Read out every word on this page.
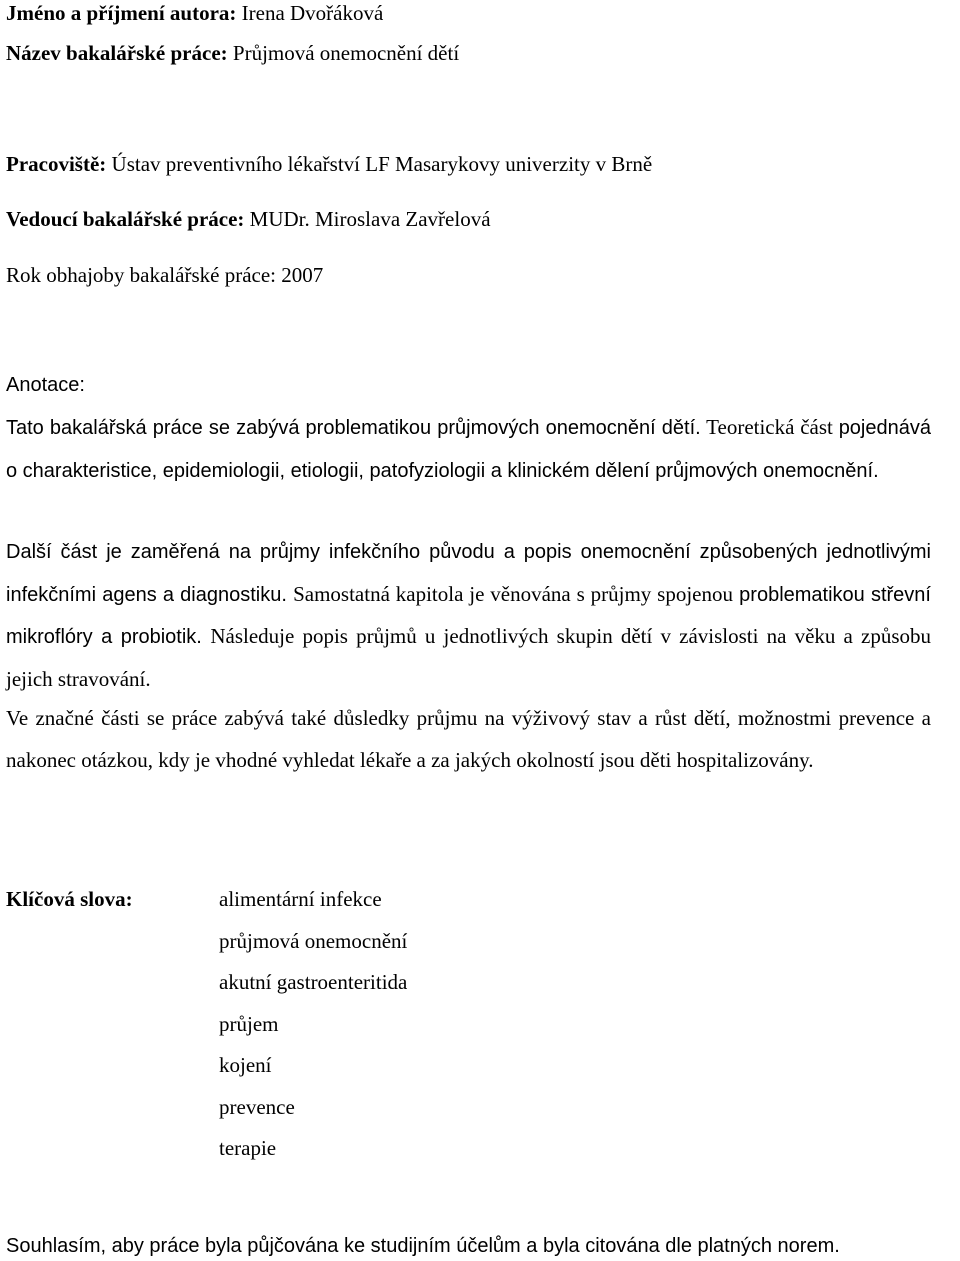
Jméno a příjmení autora: Irena Dvořáková
Název bakalářské práce: Průjmová onemocnění dětí
Pracoviště: Ústav preventivního lékařství LF Masarykovy univerzity v Brně
Vedoucí bakalářské práce: MUDr. Miroslava Zavřelová
Rok obhajoby bakalářské práce: 2007
Anotace:

Tato bakalářská práce se zabývá problematikou průjmových onemocnění dětí. Teoretická část pojednává o charakteristice, epidemiologii, etiologii, patofyziologii a klinickém dělení průjmových onemocnění.

Další část je zaměřená na průjmy infekčního původu a popis onemocnění způsobených jednotlivými infekčními agens a diagnostiku. Samostatná kapitola je věnována s průjmy spojenou problematikou střevní mikroflóry a probiotik. Následuje popis průjmů u jednotlivých skupin dětí v závislosti na věku a způsobu jejich stravování.

Ve značné části se práce zabývá také důsledky průjmu na výživový stav a růst dětí, možnostmi prevence a nakonec otázkou, kdy je vhodné vyhledat lékaře a za jakých okolností jsou děti hospitalizovány.

Klíčová slova:	alimentární infekce
průjmová onemocnění
akutní gastroenteritida
průjem
kojení
prevence
terapie
Souhlasím, aby práce byla půjčována ke studijním účelům a byla citována dle platných norem.
